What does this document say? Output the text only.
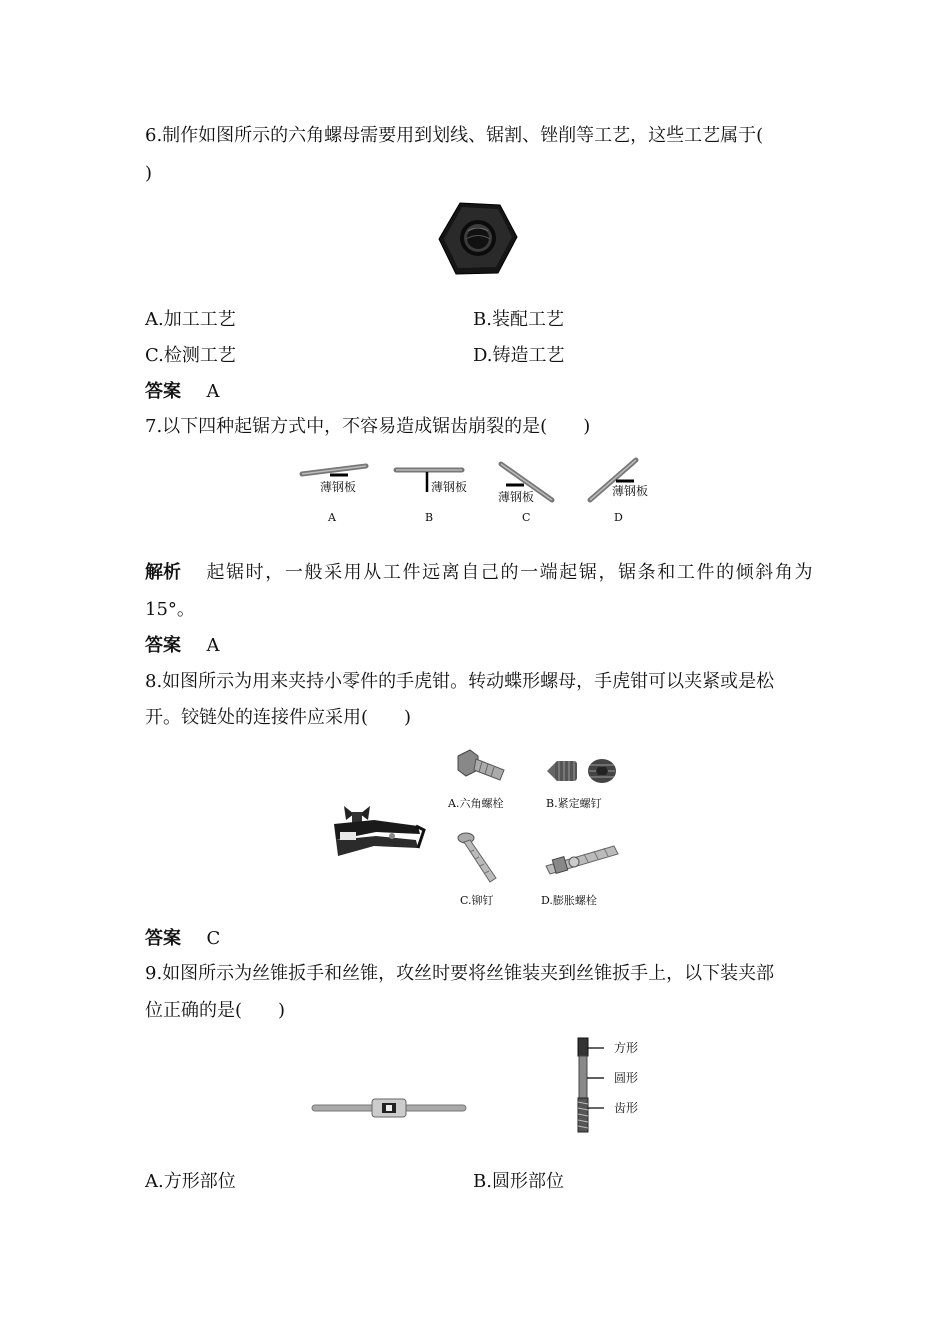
6.制作如图所示的六角螺母需要用到划线、锯割、锉削等工艺，这些工艺属于(
)
A.加工工艺	B.装配工艺
C.检测工艺	D.铸造工艺
答案 A
7.以下四种起锯方式中，不容易造成锯齿崩裂的是(　　)
薄钢板	薄钢板
薄钢板	薄钢板
A	B	C	D
解析 起锯时，一般采用从工件远离自己的一端起锯，锯条和工件的倾斜角为
15°。
答案 A
8.如图所示为用来夹持小零件的手虎钳。转动蝶形螺母，手虎钳可以夹紧或是松
开。铰链处的连接件应采用(　　)
A.六角螺栓	B.紧定螺钉
C.铆钉	D.膨胀螺栓
答案 C
9.如图所示为丝锥扳手和丝锥，攻丝时要将丝锥装夹到丝锥扳手上，以下装夹部
位正确的是(　　)
方形
圆形
齿形
A.方形部位	B.圆形部位
